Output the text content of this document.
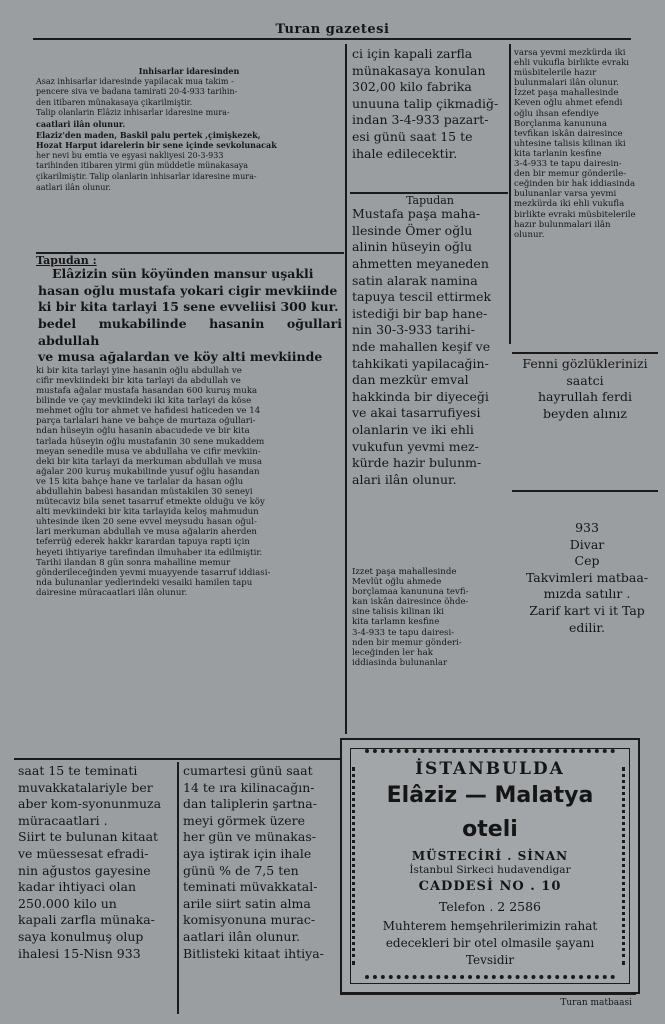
Turan gazetesi

Inhisarlar idaresinden

Asaz inhisarlar idaresinde yapilacak mua takim -

pencere siva ve badana tamirati 20-4-933 tarihin-

den itibaren münakasaya çikarilmiştir.

Talip olanlarin Elâziz inhisarlar idaresine mura-

caatlari ilân olunur.

Elaziz'den maden, Baskil palu pertek ,çimişkezek,

Hozat Harput idarelerin bir sene içinde sevkolunacak

her nevi bu emtia ve eşyasi nakliyesi 20-3-933

tarihinden itibaren yirmi gün müddetle münakasaya

çikarilmiştir. Talip olanlarin inhisarlar idaresine mura-

aatlari ilân olunur.

Tapudan :

Elâzizin sün köyünden mansur uşakli

hasan oğlu mustafa yokari cigir mevkiinde

ki bir kita tarlayi 15 sene evveliisi 300 kur.

bedel mukabilinde hasanin oğullari abdullah

ve musa ağalardan ve köy alti mevkiinde

ki bir kita tarlayi yine hasanin oğlu abdullah ve

cifir mevkiindeki bir kita tarlayi da abdullah ve

mustafa ağalar mustafa hasandan 600 kuruş muka

bilinde ve çay mevkiindeki iki kita tarlayi da köse

mehmet oğlu tor ahmet ve hafidesi haticeden ve 14

parça tarlalari hane ve bahçe de murtaza oğullari-

ndan hüseyin oğlu hasanin abacudede ve bir kita

tarlada hüseyin oğlu mustafanin 30 sene mukaddem

meyan senedile musa ve abdullaha ve cifir mevkiin-

deki bir kita tarlayi da merkuman abdullah ve musa

ağalar 200 kuruş mukabilinde yusuf oğlu hasandan

ve 15 kita bahçe hane ve tarlalar da hasan oğlu

abdullahin babesi hasandan müstakilen 30 seneyi

mütecaviz bila senet tasarruf etmekte olduğu ve köy

alti mevkiindeki bir kita tarlayida keloş mahmudun

uhtesinde iken 20 sene evvel meysudu hasan oğul-

lari merkuman abdullah ve musa ağalarin aherden

teferrüğ ederek hakkr karardan tapuya rapti için

heyeti ihtiyariye tarefindan ilmuhaber ita edilmiştir.

Tarihi ilandan 8 gün sonra mahalline memur

gönderileceğinden yevmi muayyende tasarruf iddiasi-

nda bulunanlar yedlerindeki vesaiki hamilen tapu

dairesine müracaatlari ilân olunur.

ci için kapali zarfla

münakasaya konulan

302,00 kilo fabrika

unuuna talip çikmadiğ-

indan 3-4-933 pazart-

esi günü saat 15 te

ihale edilecektir.

Tapudan

Mustafa paşa maha-

llesinde Ömer oğlu

alinin hüseyin oğlu

ahmetten meyaneden

satin alarak namina

tapuya tescil ettirmek

istediği bir bap hane-

nin 30-3-933 tarihi-

nde mahallen keşif ve

tahkikati yapilacağin-

dan mezkür emval

hakkinda bir diyeceği

ve akai tasarrufiyesi

olanlarin ve iki ehli

vukufun yevmi mez-

kürde hazir bulunm-

alari ilân olunur.

İzzet paşa mahallesinde

Mevlüt oğlu ahmede

borçlamaa kanununa tevfi-

kan iskân dairesince öhde-

sine talisis kilinan iki

kita tarlamn kesfine

3-4-933 te tapu dairesi-

nden bir memur gönderi-

leceğinden ler hak

iddiasinda bulunanlar

varsa yevmi mezkürda iki

ehli vukufla birlikte evrakı

müsbitelerile hazır

bulunmalari ilân olunur.

İzzet paşa mahallesinde

Keven oğlu ahmet efendi

oğlu ihsan efendiye

Borçlanma kanununa

tevfikan iskân dairesince

uhtesine talisis kilinan iki

kita tarlanin kesfine

3-4-933 te tapu dairesin-

den bir memur gönderile-

ceğinden bir hak iddiasinda

bulunanlar varsa yevmi

mezkürda iki ehli vukufla

birlikte evraki müsbitelerile

hazır bulunmalari ilân

olunur.

Fenni gözlüklerinizi

saatci

hayrullah ferdi

beyden alınız

933

Divar

Cep

Takvimleri matbaa-

mızda satılır .

Zarif kart vi it Tap

edilir.

saat 15 te teminati

muvakkatalariyle ber

aber kom-syonunmuza

müracaatlari .

Siirt te bulunan kitaat

ve müessesat efradi-

nin ağustos gayesine

kadar ihtiyaci olan

250.000 kilo un

kapali zarfla münaka-

saya konulmuş olup

ihalesi 15-Nisn 933

cumartesi günü saat

14 te ıra kilinacağın-

dan taliplerin şartna-

meyi görmek üzere

her gün ve münakas-

aya iştirak için ihale

günü % de 7,5 ten

teminati müvakkatal-

arile siirt satin alma

komisyonuna murac-

aatlari ilân olunur.

Bitlisteki kitaat ihtiya-

İSTANBULDA
Elâziz — Malatya
oteli
MÜSTECİRİ . SİNAN
İstanbul Sirkeci hudavendigar
CADDESİ NO . 10
Telefon . 2 2586
Muhterem hemşehrilerimizin rahat
edecekleri bir otel olmasile şayanı
Tevsidir
Turan matbaasi
